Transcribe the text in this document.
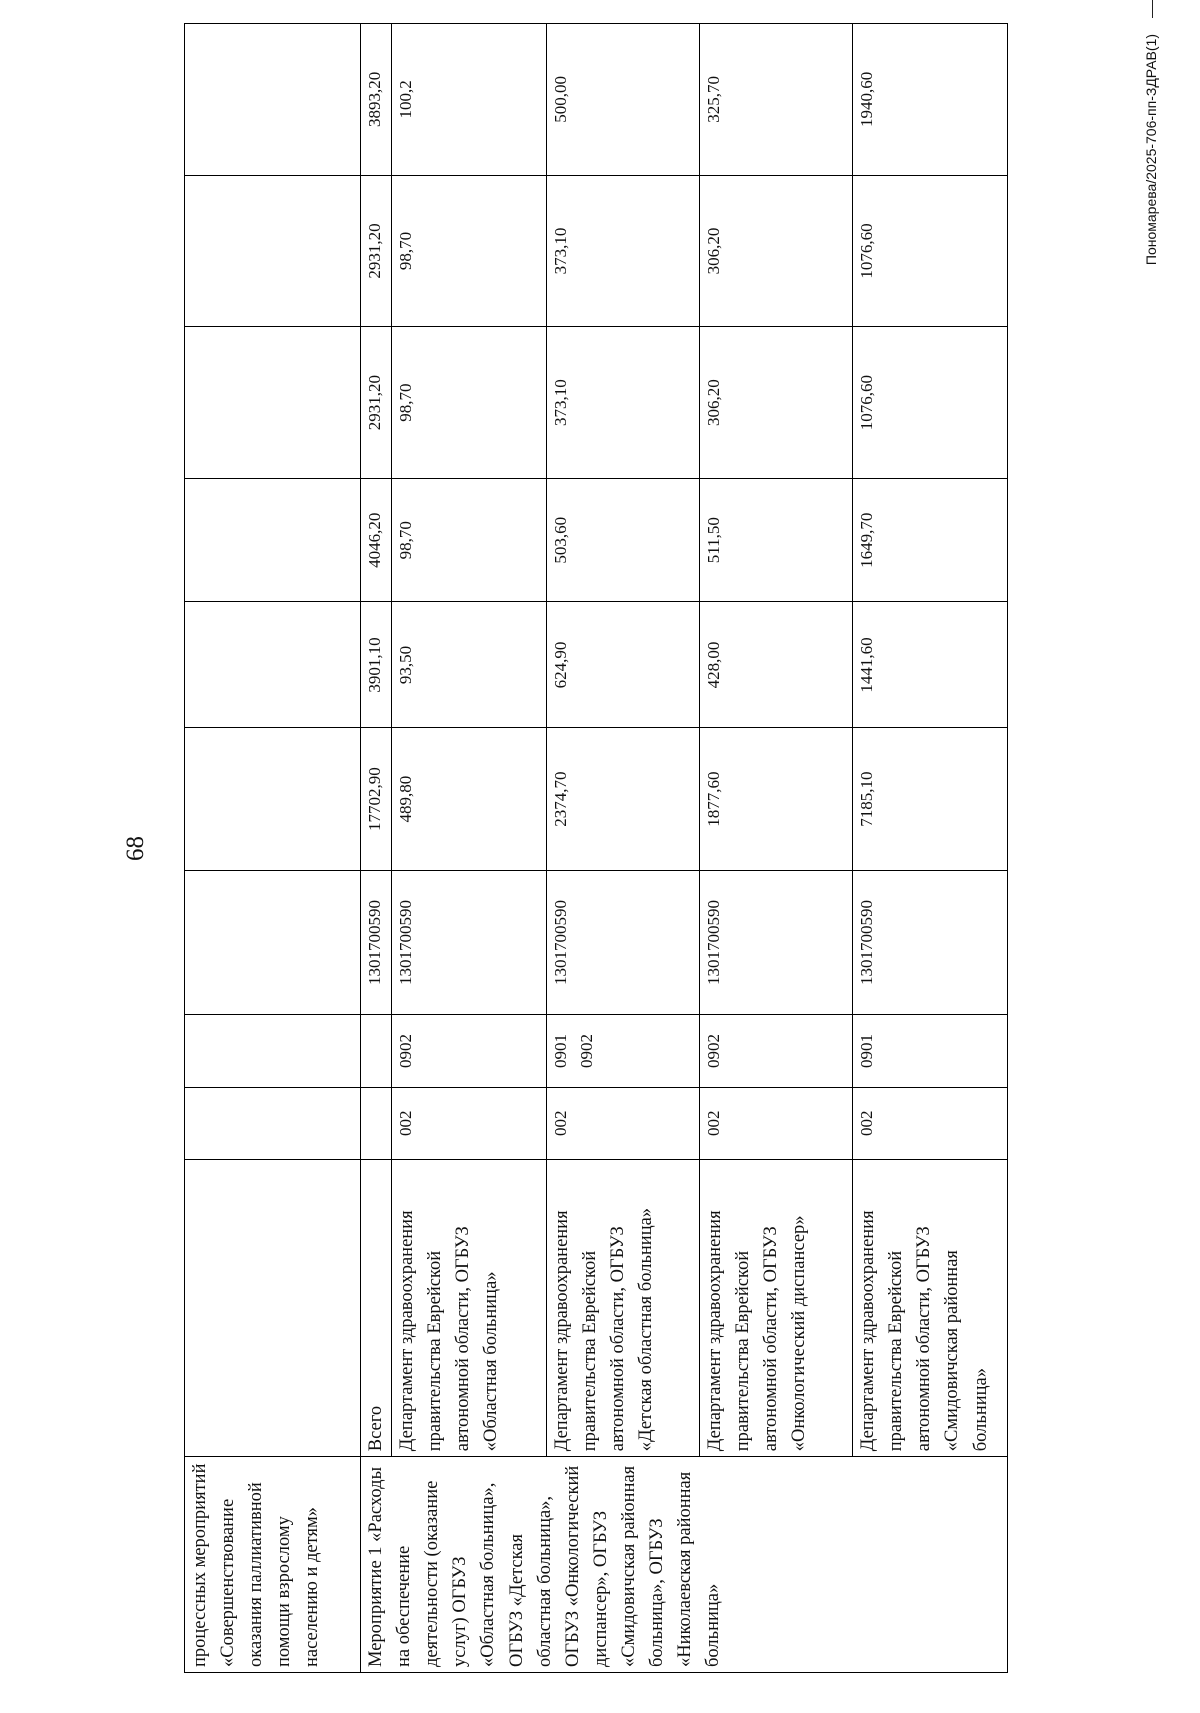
68
процессных мероприятий «Совершенствование оказания паллиативной помощи взрослому населению и детям»										
Мероприятие 1 «Расходы на обеспечение деятельности (оказание услуг) ОГБУЗ «Областная больница», ОГБУЗ «Детская областная больница», ОГБУЗ «Онкологический диспансер», ОГБУЗ «Смидовичская районная больница», ОГБУЗ «Николаевская районная больница»	Всего			1301700590	17702,90	3901,10	4046,20	2931,20	2931,20	3893,20
	Департамент здравоохранения правительства Еврейской автономной области, ОГБУЗ «Областная больница»	002	0902	1301700590	489,80	93,50	98,70	98,70	98,70	100,2
	Департамент здравоохранения правительства Еврейской автономной области, ОГБУЗ «Детская областная больница»	002	0901 0902	1301700590	2374,70	624,90	503,60	373,10	373,10	500,00
	Департамент здравоохранения правительства Еврейской автономной области, ОГБУЗ «Онкологический диспансер»	002	0902	1301700590	1877,60	428,00	511,50	306,20	306,20	325,70
	Департамент здравоохранения правительства Еврейской автономной области, ОГБУЗ «Смидовичская районная больница»	002	0901	1301700590	7185,10	1441,60	1649,70	1076,60	1076,60	1940,60	Пономарева/2025-706-пп-ЗДРАВ(1)
